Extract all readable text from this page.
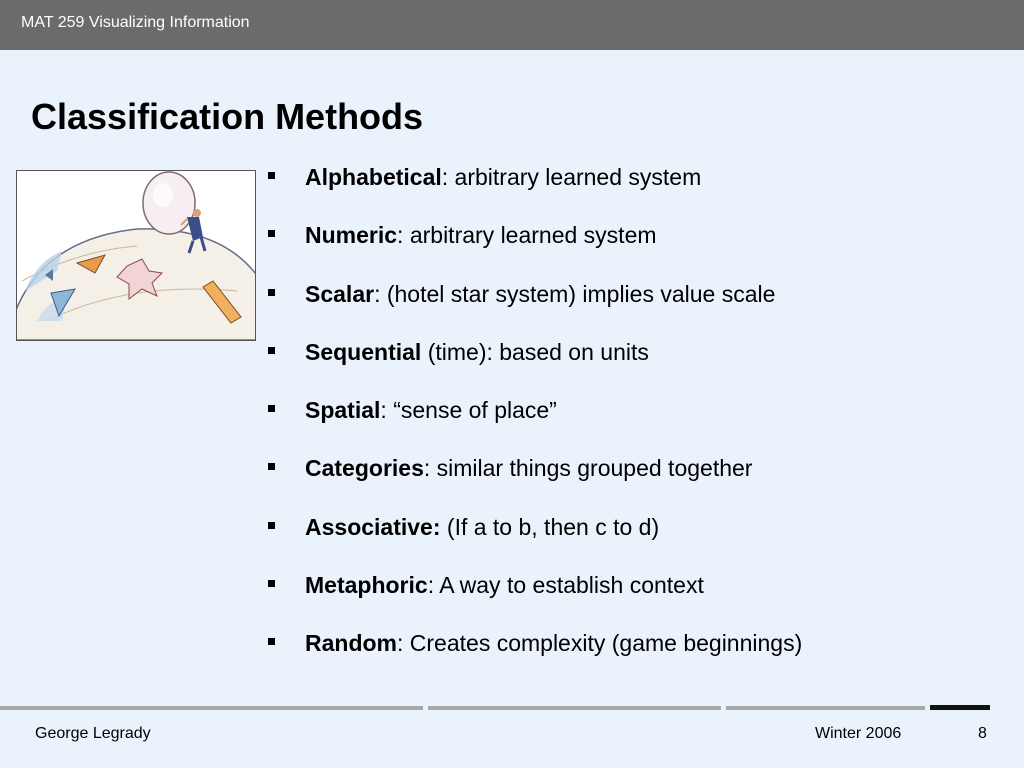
MAT 259 Visualizing Information
Classification Methods
Alphabetical: arbitrary learned system
Numeric: arbitrary learned system
Scalar: (hotel star system) implies value scale
Sequential (time): based on units
Spatial: “sense of place”
Categories: similar things grouped together
Associative: (If a to b, then c to d)
Metaphoric: A way to establish context
Random: Creates complexity (game beginnings)
George Legrady	Winter 2006	8
